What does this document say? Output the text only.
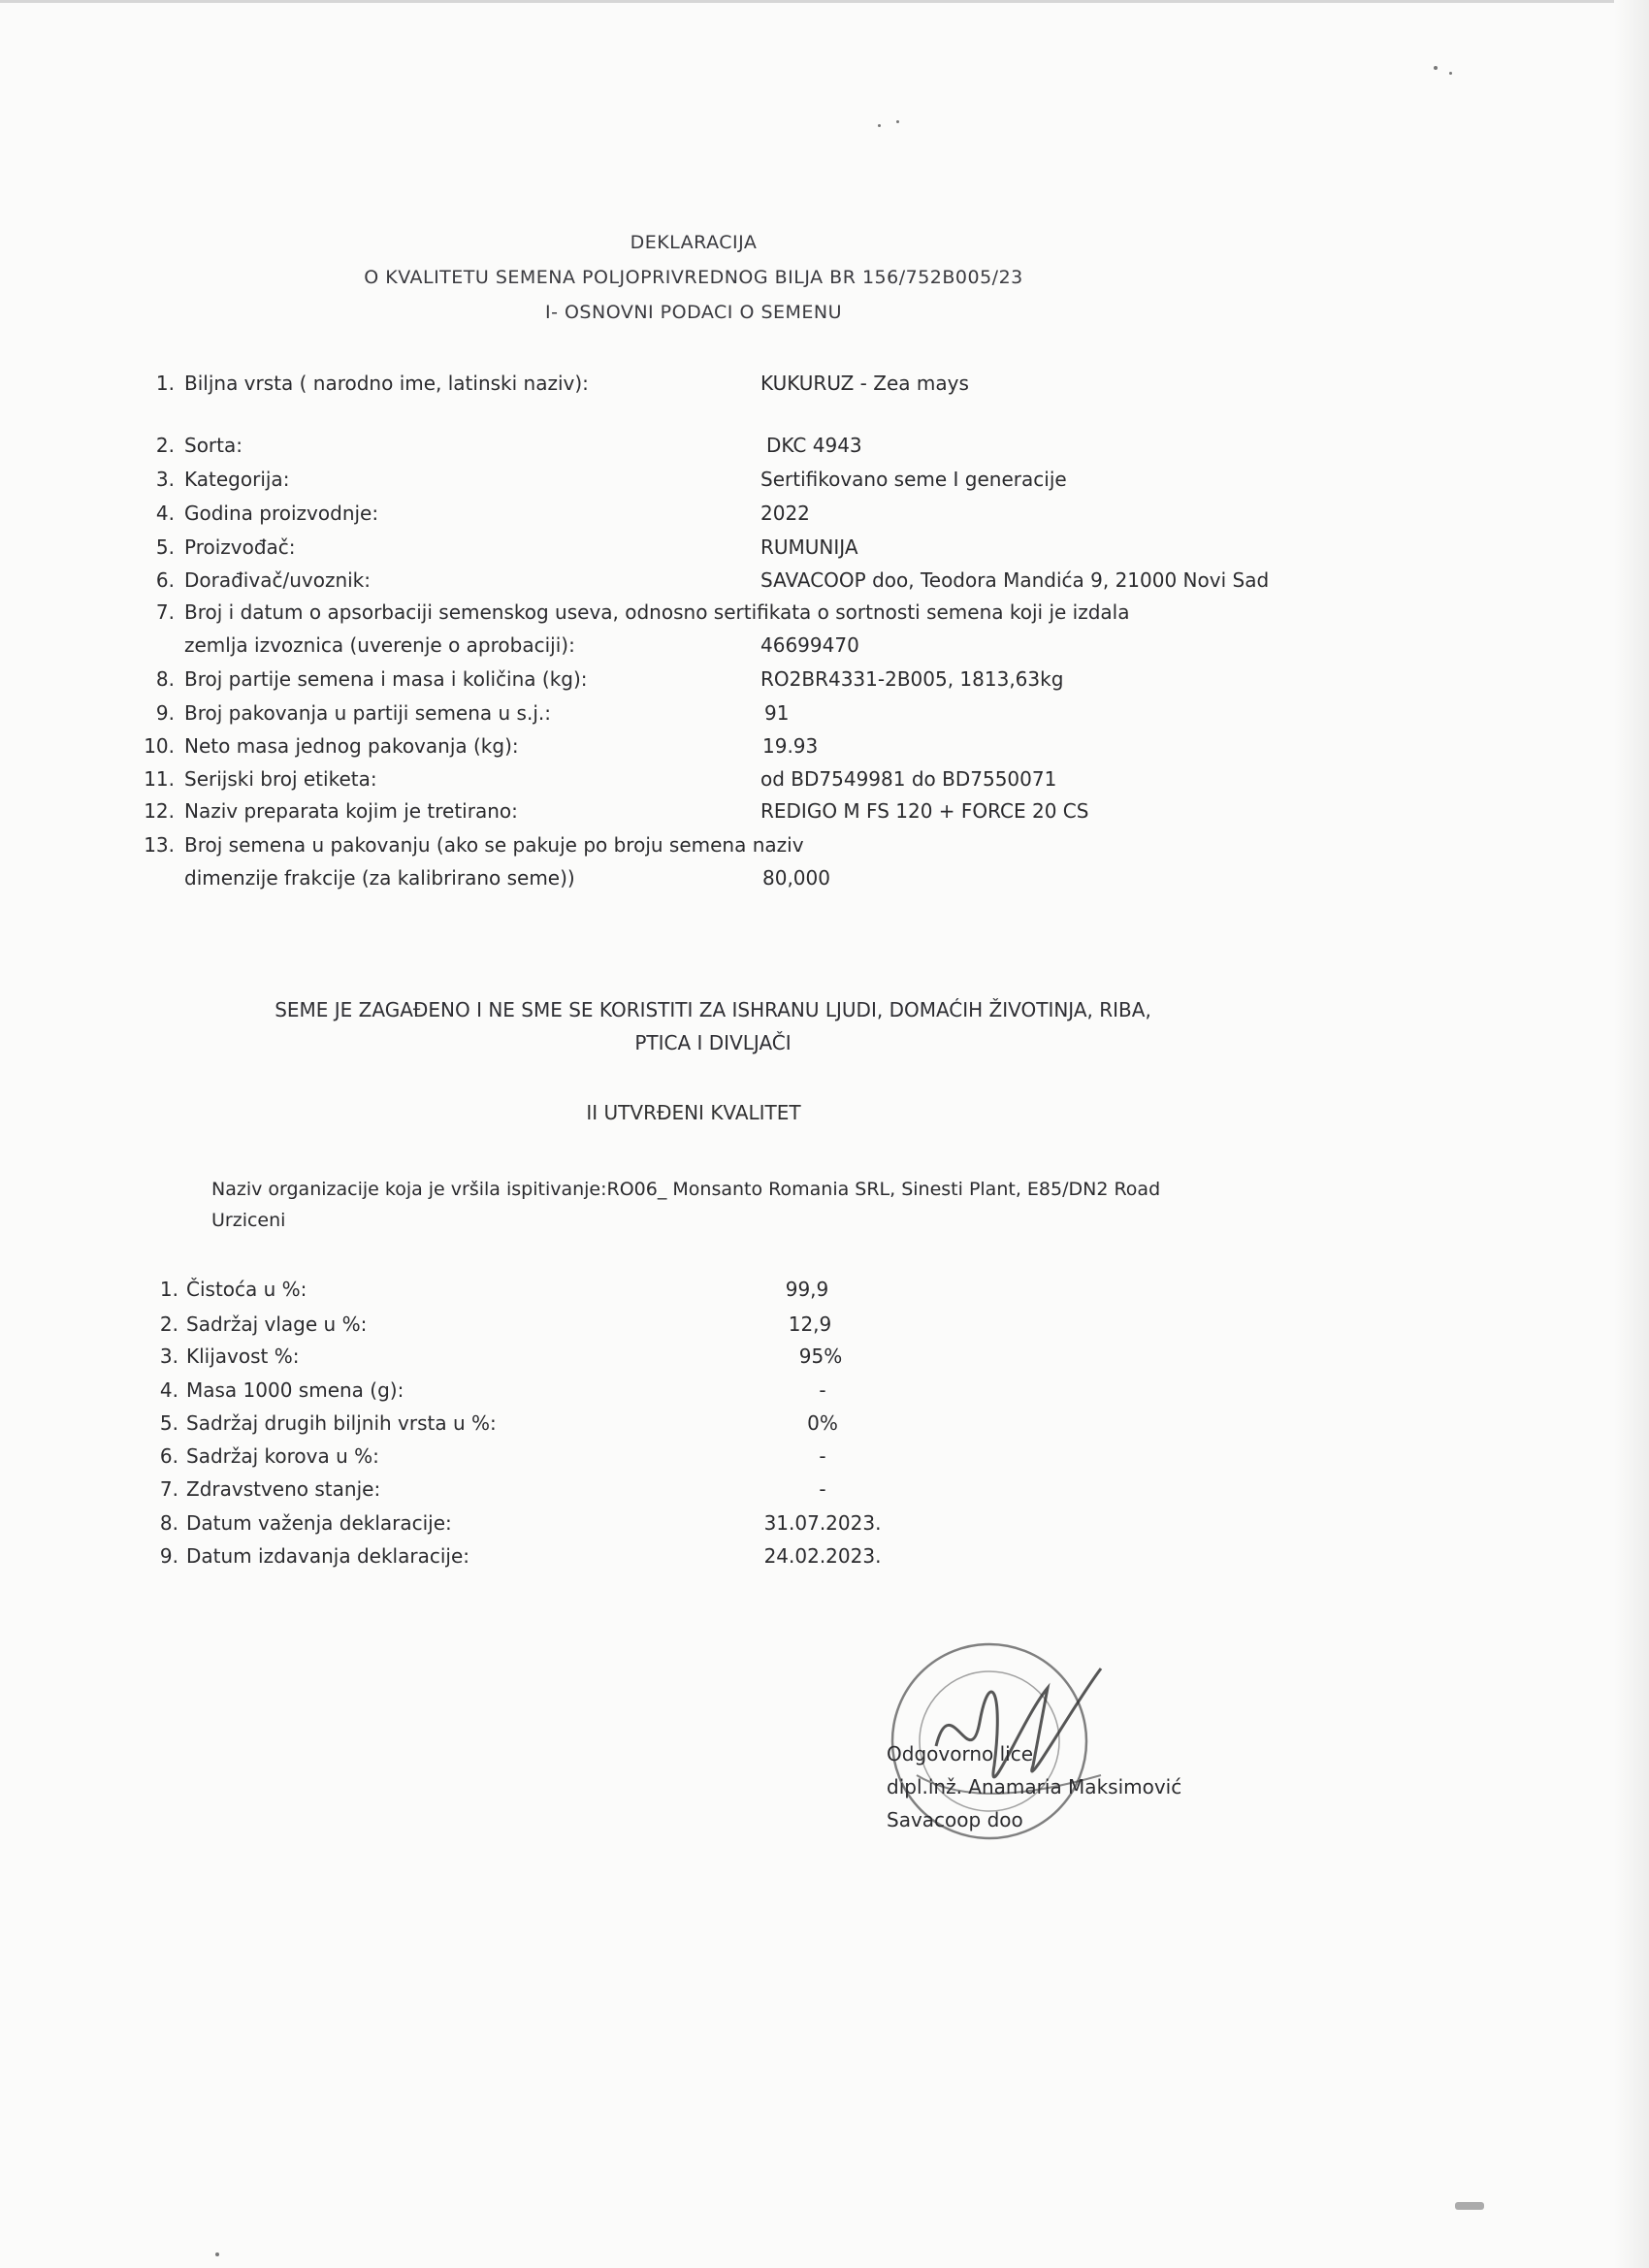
DEKLARACIJA
O KVALITETU SEMENA POLJOPRIVREDNOG BILJA BR 156/752B005/23
I- OSNOVNI PODACI O SEMENU
1. Biljna vrsta ( narodno ime, latinski naziv):	KUKURUZ - Zea mays
2. Sorta:	DKC 4943
3. Kategorija:	Sertifikovano seme I generacije
4. Godina proizvodnje:	2022
5. Proizvođač:	RUMUNIJA
6. Dorađivač/uvoznik:	SAVACOOP doo, Teodora Mandića 9, 21000 Novi Sad
7. Broj i datum o apsorbaciji semenskog useva, odnosno sertifikata o sortnosti semena koji je izdala
zemlja izvoznica (uverenje o aprobaciji):	46699470
8. Broj partije semena i masa i količina (kg):	RO2BR4331-2B005, 1813,63kg
9. Broj pakovanja u partiji semena u s.j.:	91
10. Neto masa jednog pakovanja (kg):	19.93
11. Serijski broj etiketa:	od BD7549981 do BD7550071
12. Naziv preparata kojim je tretirano:	REDIGO M FS 120 + FORCE 20 CS
13. Broj semena u pakovanju (ako se pakuje po broju semena naziv
dimenzije frakcije (za kalibrirano seme))	80,000
SEME JE ZAGAĐENO I NE SME SE KORISTITI ZA ISHRANU LJUDI, DOMAĆIH ŽIVOTINJA, RIBA,
PTICA I DIVLJAČI
II UTVRĐENI KVALITET
Naziv organizacije koja je vršila ispitivanje:RO06_ Monsanto Romania SRL, Sinesti Plant, E85/DN2 Road
Urziceni
1. Čistoća u %:	99,9
2. Sadržaj vlage u %:	12,9
3. Klijavost %:	95%
4. Masa 1000 smena (g):	-
5. Sadržaj drugih biljnih vrsta u %:	0%
6. Sadržaj korova u %:	-
7. Zdravstveno stanje:	-
8. Datum važenja deklaracije:	31.07.2023.
9. Datum izdavanja deklaracije:	24.02.2023.
Odgovorno lice
dipl.inž. Anamaria Maksimović
Savacoop doo
